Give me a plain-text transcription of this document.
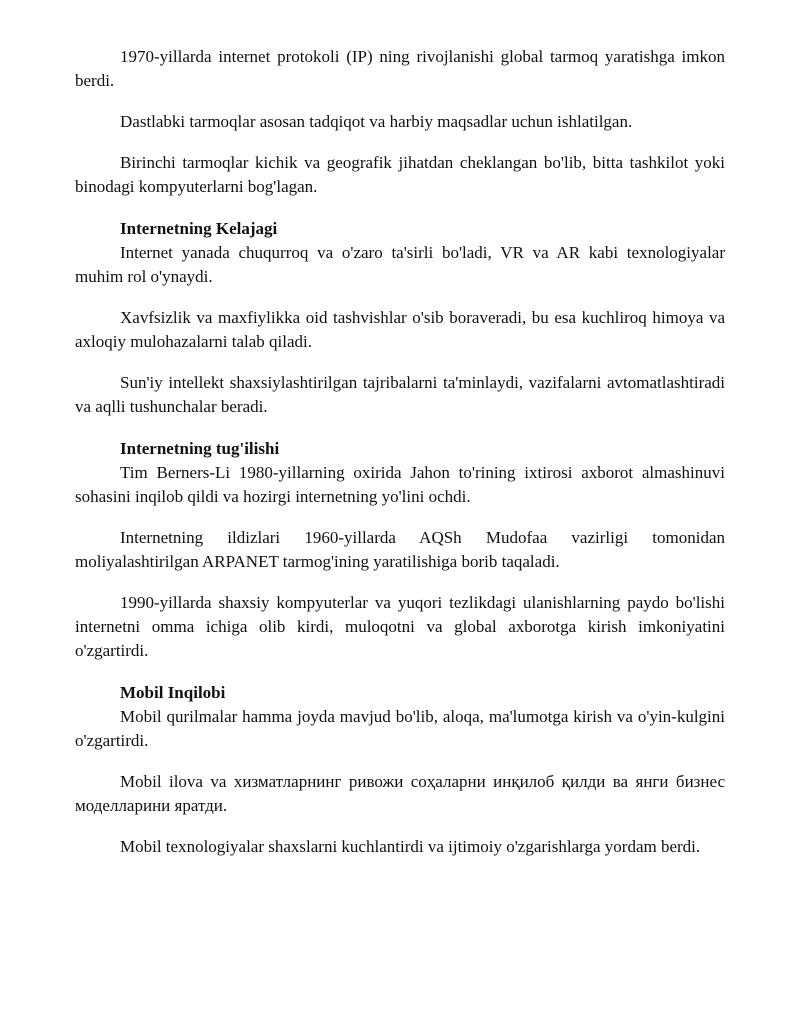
1970-yillarda internet protokoli (IP) ning rivojlanishi global tarmoq yaratishga imkon berdi.

Dastlabki tarmoqlar asosan tadqiqot va harbiy maqsadlar uchun ishlatilgan.

Birinchi tarmoqlar kichik va geografik jihatdan cheklangan bo'lib, bitta tashkilot yoki binodagi kompyuterlarni bog'lagan.

Internetning Kelajagi

Internet yanada chuqurroq va o'zaro ta'sirli bo'ladi, VR va AR kabi texnologiyalar muhim rol o'ynaydi.

Xavfsizlik va maxfiylikka oid tashvishlar o'sib boraveradi, bu esa kuchliroq himoya va axloqiy mulohazalarni talab qiladi.

Sun'iy intellekt shaxsiylashtirilgan tajribalarni ta'minlaydi, vazifalarni avtomatlashtiradi va aqlli tushunchalar beradi.

Internetning tug'ilishi

Tim Berners-Li 1980-yillarning oxirida Jahon to'rining ixtirosi axborot almashinuvi sohasini inqilob qildi va hozirgi internetning yo'lini ochdi.

Internetning ildizlari 1960-yillarda AQSh Mudofaa vazirligi tomonidan moliyalashtirilgan ARPANET tarmog'ining yaratilishiga borib taqaladi.

1990-yillarda shaxsiy kompyuterlar va yuqori tezlikdagi ulanishlarning paydo bo'lishi internetni omma ichiga olib kirdi, muloqotni va global axborotga kirish imkoniyatini o'zgartirdi.

Mobil Inqilobi

Mobil qurilmalar hamma joyda mavjud bo'lib, aloqa, ma'lumotga kirish va o'yin-kulgini o'zgartirdi.

Mobil ilova va хизматларнинг ривожи соҳаларни инқилоб қилди ва янги бизнес моделларини яратди.

Mobil texnologiyalar shaxslarni kuchlantirdi va ijtimoiy o'zgarishlarga yordam berdi.
